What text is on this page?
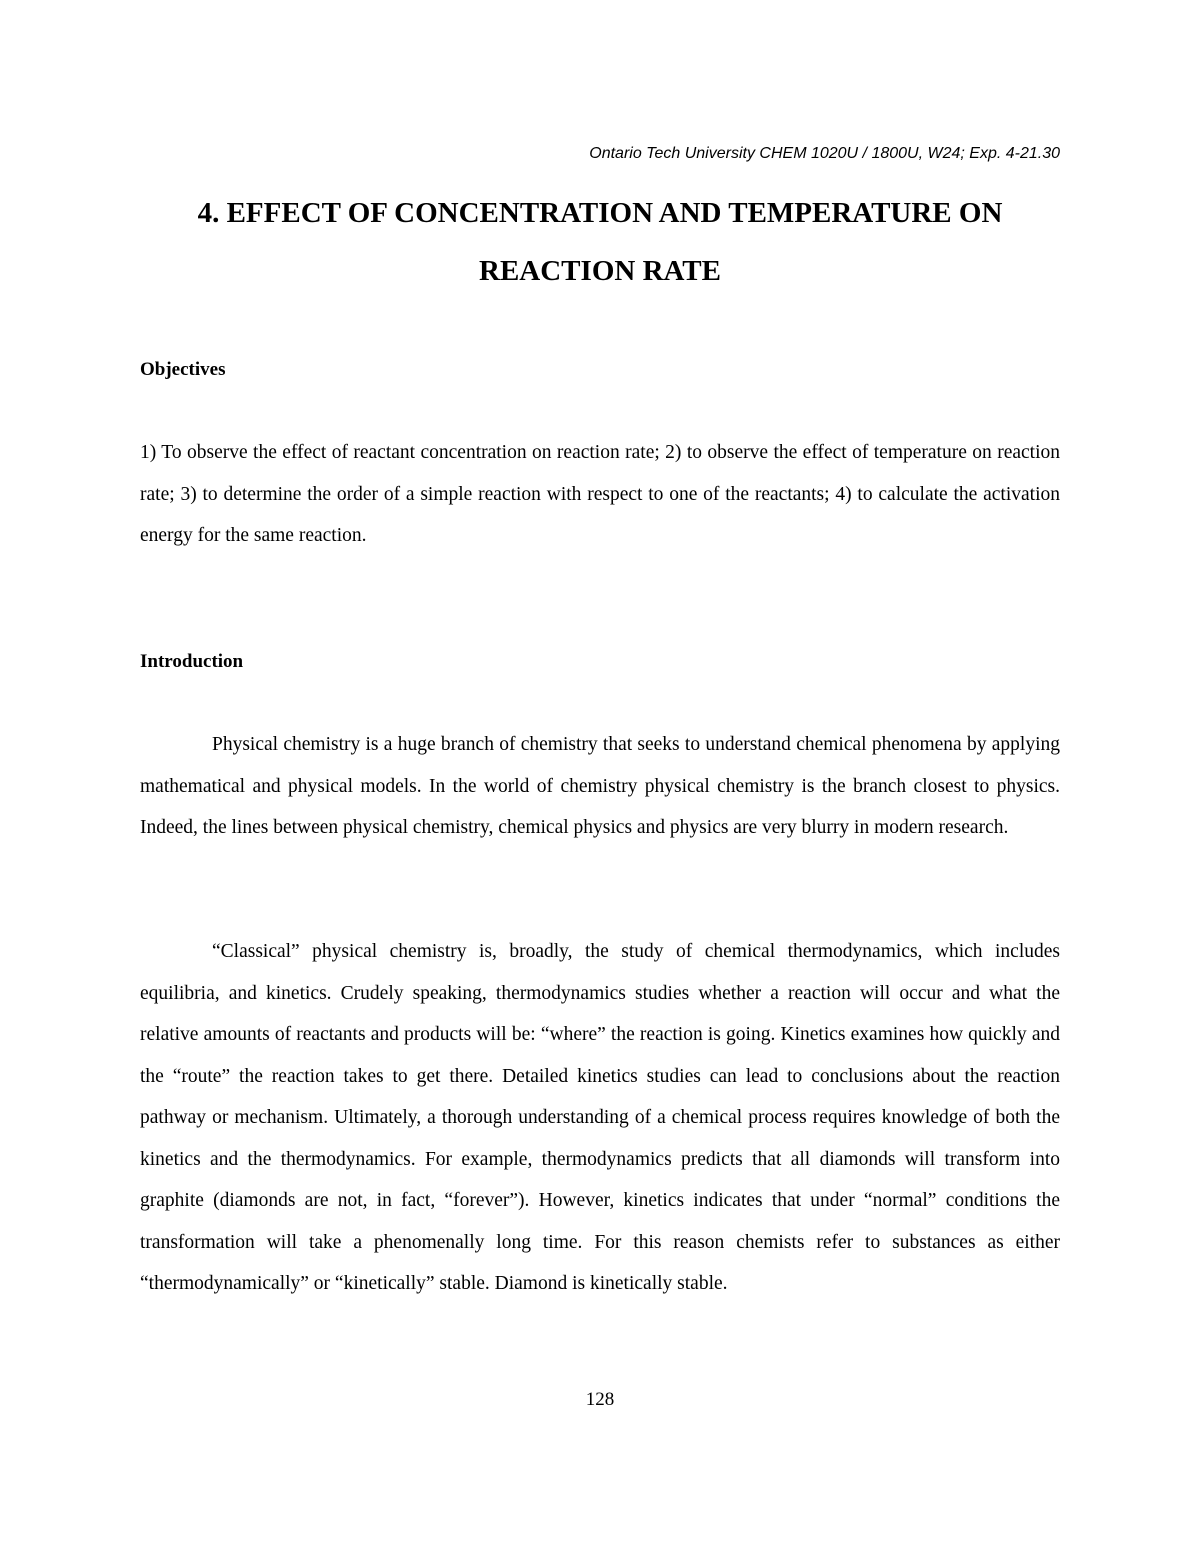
Ontario Tech University CHEM 1020U / 1800U, W24; Exp. 4-21.30
4. EFFECT OF CONCENTRATION AND TEMPERATURE ON
REACTION RATE
Objectives

1) To observe the effect of reactant concentration on reaction rate; 2) to observe the effect of temperature on reaction rate; 3) to determine the order of a simple reaction with respect to one of the reactants; 4) to calculate the activation energy for the same reaction.

Introduction

Physical chemistry is a huge branch of chemistry that seeks to understand chemical phenomena by applying mathematical and physical models. In the world of chemistry physical chemistry is the branch closest to physics. Indeed, the lines between physical chemistry, chemical physics and physics are very blurry in modern research.

“Classical” physical chemistry is, broadly, the study of chemical thermodynamics, which includes equilibria, and kinetics. Crudely speaking, thermodynamics studies whether a reaction will occur and what the relative amounts of reactants and products will be: “where” the reaction is going. Kinetics examines how quickly and the “route” the reaction takes to get there. Detailed kinetics studies can lead to conclusions about the reaction pathway or mechanism. Ultimately, a thorough understanding of a chemical process requires knowledge of both the kinetics and the thermodynamics. For example, thermodynamics predicts that all diamonds will transform into graphite (diamonds are not, in fact, “forever”). However, kinetics indicates that under “normal” conditions the transformation will take a phenomenally long time. For this reason chemists refer to substances as either “thermodynamically” or “kinetically” stable. Diamond is kinetically stable.

128
